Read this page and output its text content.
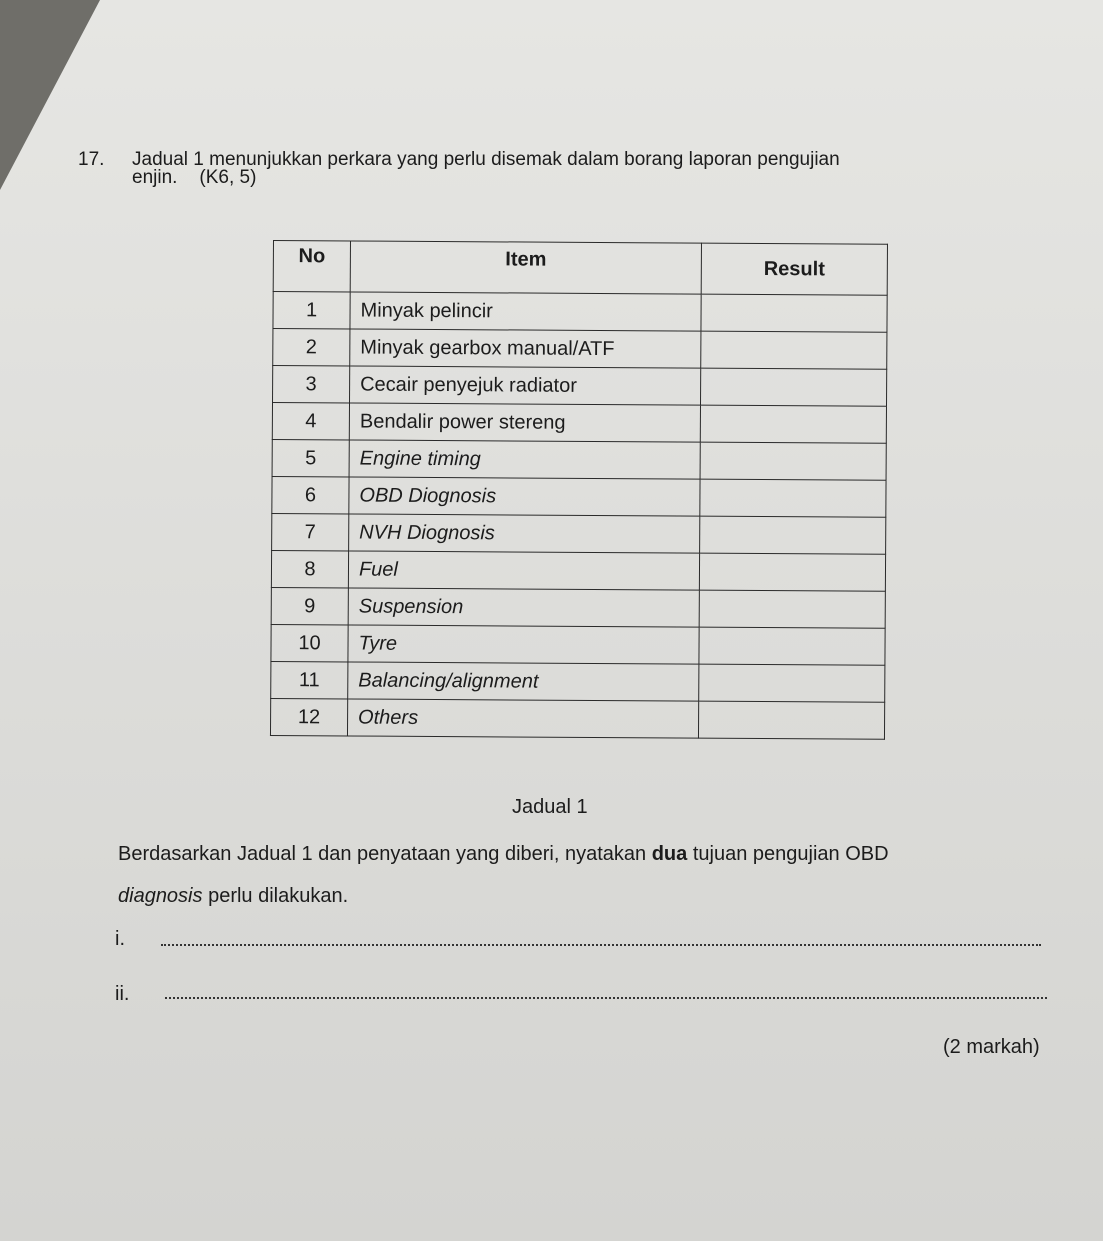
17. Jadual 1 menunjukkan perkara yang perlu disemak dalam borang laporan pengujian
enjin. (K6, 5)
No	Item	Result
1	Minyak pelincir	
2	Minyak gearbox manual/ATF	
3	Cecair penyejuk radiator	
4	Bendalir power stereng	
5	Engine timing	
6	OBD Diognosis	
7	NVH Diognosis	
8	Fuel	
9	Suspension	
10	Tyre	
11	Balancing/alignment	
12	Others	
Jadual 1
Berdasarkan Jadual 1 dan penyataan yang diberi, nyatakan dua tujuan pengujian OBD
diagnosis perlu dilakukan.
i.
ii.
(2 markah)
